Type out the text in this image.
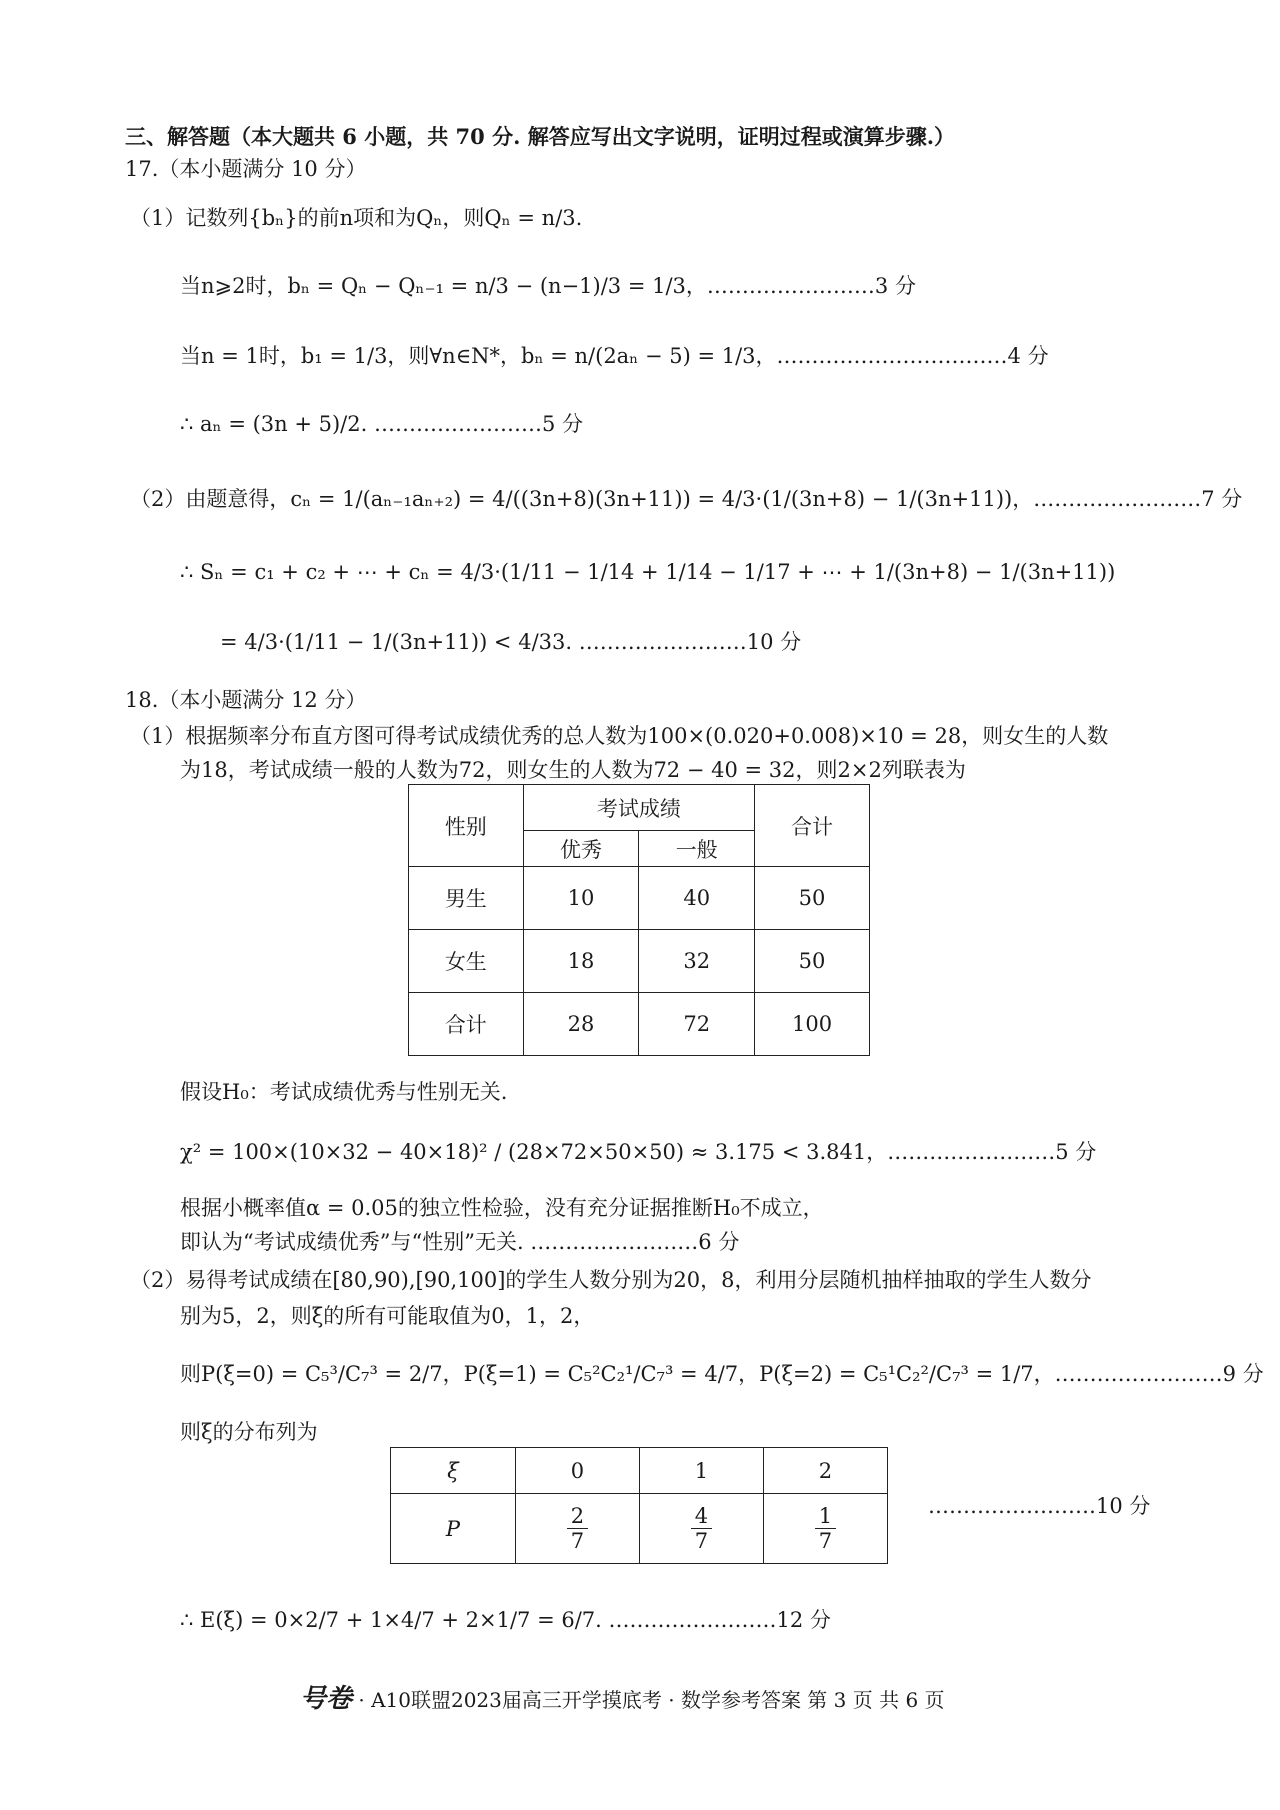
三、解答题（本大题共 6 小题，共 70 分. 解答应写出文字说明，证明过程或演算步骤.）
17.（本小题满分 10 分）
（1）记数列{bₙ}的前n项和为Qₙ，则Qₙ = n/3.
当n⩾2时，bₙ = Qₙ − Qₙ₋₁ = n/3 − (n−1)/3 = 1/3，……………………3 分
当n = 1时，b₁ = 1/3，则∀n∈N*，bₙ = n/(2aₙ − 5) = 1/3，……………………………4 分
∴ aₙ = (3n + 5)/2. ……………………5 分
（2）由题意得，cₙ = 1/(aₙ₋₁aₙ₊₂) = 4/((3n+8)(3n+11)) = 4/3·(1/(3n+8) − 1/(3n+11))，……………………7 分
∴ Sₙ = c₁ + c₂ + ⋯ + cₙ = 4/3·(1/11 − 1/14 + 1/14 − 1/17 + ⋯ + 1/(3n+8) − 1/(3n+11))
= 4/3·(1/11 − 1/(3n+11)) < 4/33. ……………………10 分
18.（本小题满分 12 分）
（1）根据频率分布直方图可得考试成绩优秀的总人数为100×(0.020+0.008)×10 = 28，则女生的人数
为18，考试成绩一般的人数为72，则女生的人数为72 − 40 = 32，则2×2列联表为
性别	考试成绩		合计
	优秀	一般	
男生	10	40	50
女生	18	32	50
合计	28	72	100
假设H₀：考试成绩优秀与性别无关.
χ² = 100×(10×32 − 40×18)² / (28×72×50×50) ≈ 3.175 < 3.841，……………………5 分
根据小概率值α = 0.05的独立性检验，没有充分证据推断H₀不成立，
即认为“考试成绩优秀”与“性别”无关. ……………………6 分
（2）易得考试成绩在[80,90),[90,100]的学生人数分别为20，8，利用分层随机抽样抽取的学生人数分
别为5，2，则ξ的所有可能取值为0，1，2，
则P(ξ=0) = C₅³/C₇³ = 2/7，P(ξ=1) = C₅²C₂¹/C₇³ = 4/7，P(ξ=2) = C₅¹C₂²/C₇³ = 1/7，……………………9 分
则ξ的分布列为
ξ	0	1	2
P	$\frac{2}{7}$	$\frac{4}{7}$	$\frac{1}{7}$	……………………10 分
∴ E(ξ) = 0×2/7 + 1×4/7 + 2×1/7 = 6/7. ……………………12 分
号卷 · A10联盟2023届高三开学摸底考 · 数学参考答案 第 3 页 共 6 页
